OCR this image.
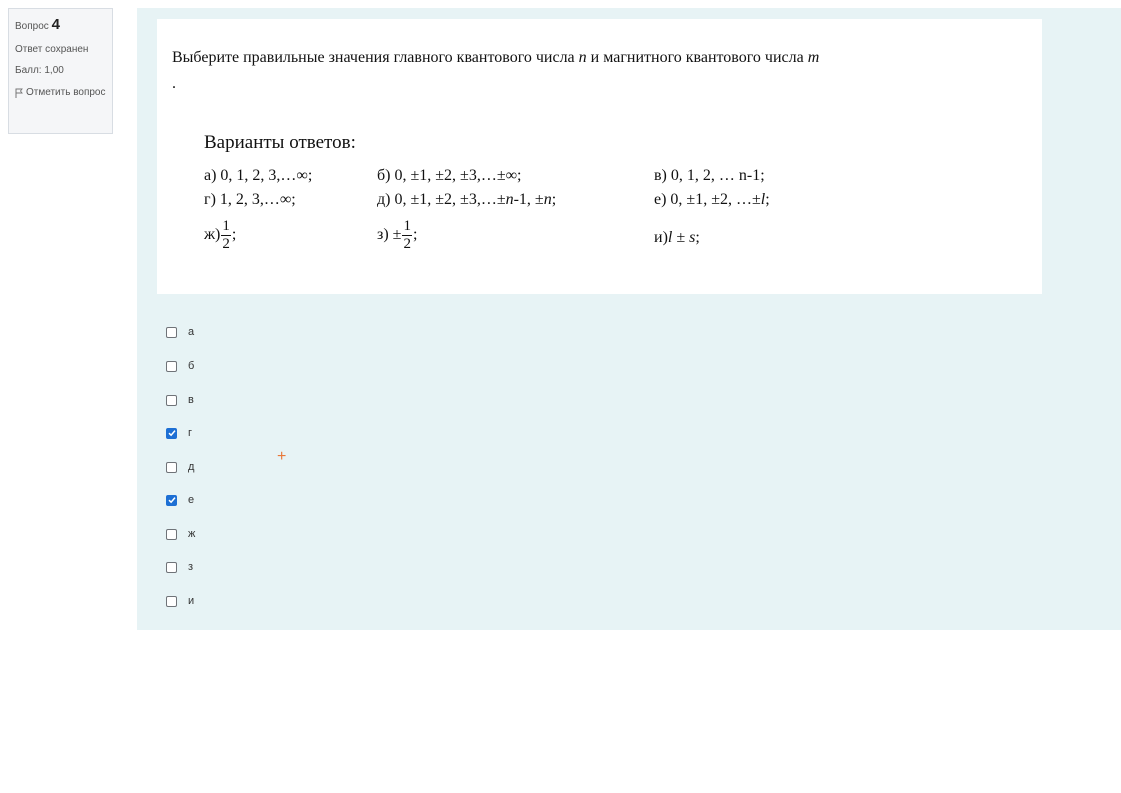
Вопрос 4
Ответ сохранен
Балл: 1,00
Отметить вопрос
Выберите правильные значения главного квантового числа n и магнитного квантового числа m
.
Варианты ответов:
а) 0, 1, 2, 3,…∞;	б) 0, ±1, ±2, ±3,…±∞;	в) 0, 1, 2, … n-1;
г) 1, 2, 3,…∞;	д) 0, ±1, ±2, ±3,…±n-1, ±n;	е) 0, ±1, ±2, …±l;
$ж) \frac{1}{2}$ ;	$з) \pm \frac{1}{2}$ ;	и)l ± s;
а
б
в
г
д
е
ж
з
и
+
